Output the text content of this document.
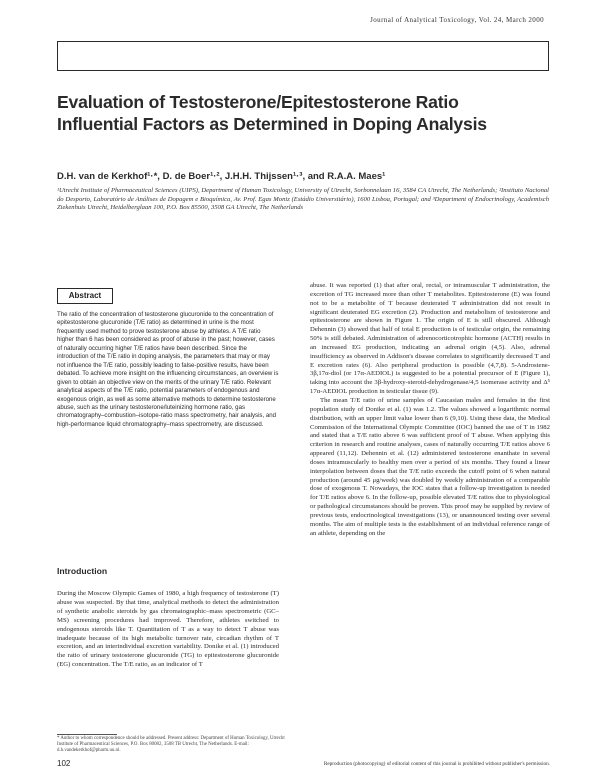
Journal of Analytical Toxicology, Vol. 24, March 2000
Evaluation of Testosterone/Epitestosterone Ratio
Influential Factors as Determined in Doping Analysis
D.H. van de Kerkhof¹·*, D. de Boer¹·², J.H.H. Thijssen¹·³, and R.A.A. Maes¹
¹Utrecht Institute of Pharmaceutical Sciences (UIPS), Department of Human Toxicology, University of Utrecht, Sorbonnelaan 16, 3584 CA Utrecht, The Netherlands; ²Instituto Nacional do Desporto, Laboratório de Análises de Dopagem e Bioquímica, Av. Prof. Egas Moniz (Estádio Universitário), 1600 Lisboa, Portugal; and ³Department of Endocrinology, Academisch Ziekenhuis Utrecht, Heidelberglaan 100, P.O. Box 85500, 3508 GA Utrecht, The Netherlands
Abstract
The ratio of the concentration of testosterone glucuronide to the concentration of epitestosterone glucuronide (T/E ratio) as determined in urine is the most frequently used method to prove testosterone abuse by athletes. A T/E ratio higher than 6 has been considered as proof of abuse in the past; however, cases of naturally occurring higher T/E ratios have been described. Since the introduction of the T/E ratio in doping analysis, the parameters that may or may not influence the T/E ratio, possibly leading to false-positive results, have been debated. To achieve more insight on the influencing circumstances, an overview is given to obtain an objective view on the merits of the urinary T/E ratio. Relevant analytical aspects of the T/E ratio, potential parameters of endogenous and exogenous origin, as well as some alternative methods to determine testosterone abuse, such as the urinary testosterone/luteinizing hormone ratio, gas chromatography–combustion–isotope-ratio mass spectrometry, hair analysis, and high-performance liquid chromatography–mass spectrometry, are discussed.
Introduction
During the Moscow Olympic Games of 1980, a high frequency of testosterone (T) abuse was suspected. By that time, analytical methods to detect the administration of synthetic anabolic steroids by gas chromatographic–mass spectrometric (GC–MS) screening procedures had improved. Therefore, athletes switched to endogenous steroids like T. Quantitation of T as a way to detect T abuse was inadequate because of its high metabolic turnover rate, circadian rhythm of T excretion, and an interindividual excretion variability. Donike et al. (1) introduced the ratio of urinary testosterone glucuronide (TG) to epitestosterone glucuronide (EG) concentration. The T/E ratio, as an indicator of T

abuse. It was reported (1) that after oral, rectal, or intramuscular T administration, the excretion of TG increased more than other T metabolites. Epitestosterone (E) was found not to be a metabolite of T because deuterated T administration did not result in significant deuterated EG excretion (2). Production and metabolism of testosterone and epitestosterone are shown in Figure 1. The origin of E is still obscured. Although Dehennin (3) showed that half of total E production is of testicular origin, the remaining 50% is still debated. Administration of adrenocorticotrophic hormone (ACTH) results in an increased EG production, indicating an adrenal origin (4,5). Also, adrenal insufficiency as observed in Addison's disease correlates to significantly decreased T and E excretion rates (6). Also peripheral production is possible (4,7,8). 5-Androstene-3β,17α-diol (or 17α-AEDIOL) is suggested to be a potential precursor of E (Figure 1), taking into account the 3β-hydroxy-steroid-dehydrogenase/4,5 isomerase activity and Δ⁵ 17α-AEDIOL production in testicular tissue (9).

The mean T/E ratio of urine samples of Caucasian males and females in the first population study of Donike et al. (1) was 1.2. The values showed a logarithmic normal distribution, with an upper limit value lower than 6 (9,10). Using these data, the Medical Commission of the International Olympic Committee (IOC) banned the use of T in 1982 and stated that a T/E ratio above 6 was sufficient proof of T abuse. When applying this criterion in research and routine analyses, cases of naturally occurring T/E ratios above 6 appeared (11,12). Dehennin et al. (12) administered testosterone enanthate in several doses intramuscularly to healthy men over a period of six months. They found a linear interpolation between doses that the T/E ratio exceeds the cutoff point of 6 when natural production (around 45 μg/week) was doubled by weekly administration of a comparable dose of exogenous T. Nowadays, the IOC states that a follow-up investigation is needed for T/E ratios above 6. In the follow-up, possible elevated T/E ratios due to physiological or pathological circumstances should be proven. This proof may be supplied by review of previous tests, endocrinological investigations (13), or unannounced testing over several months. The aim of multiple tests is the establishment of an individual reference range of an athlete, depending on the

* Author to whom correspondence should be addressed. Present address: Department of Human Toxicology, Utrecht Institute of Pharmaceutical Sciences, P.O. Box 80082, 3508 TB Utrecht, The Netherlands. E-mail: d.h.vandekerkhof@pharm.uu.nl.
102	Reproduction (photocopying) of editorial content of this journal is prohibited without publisher's permission.
